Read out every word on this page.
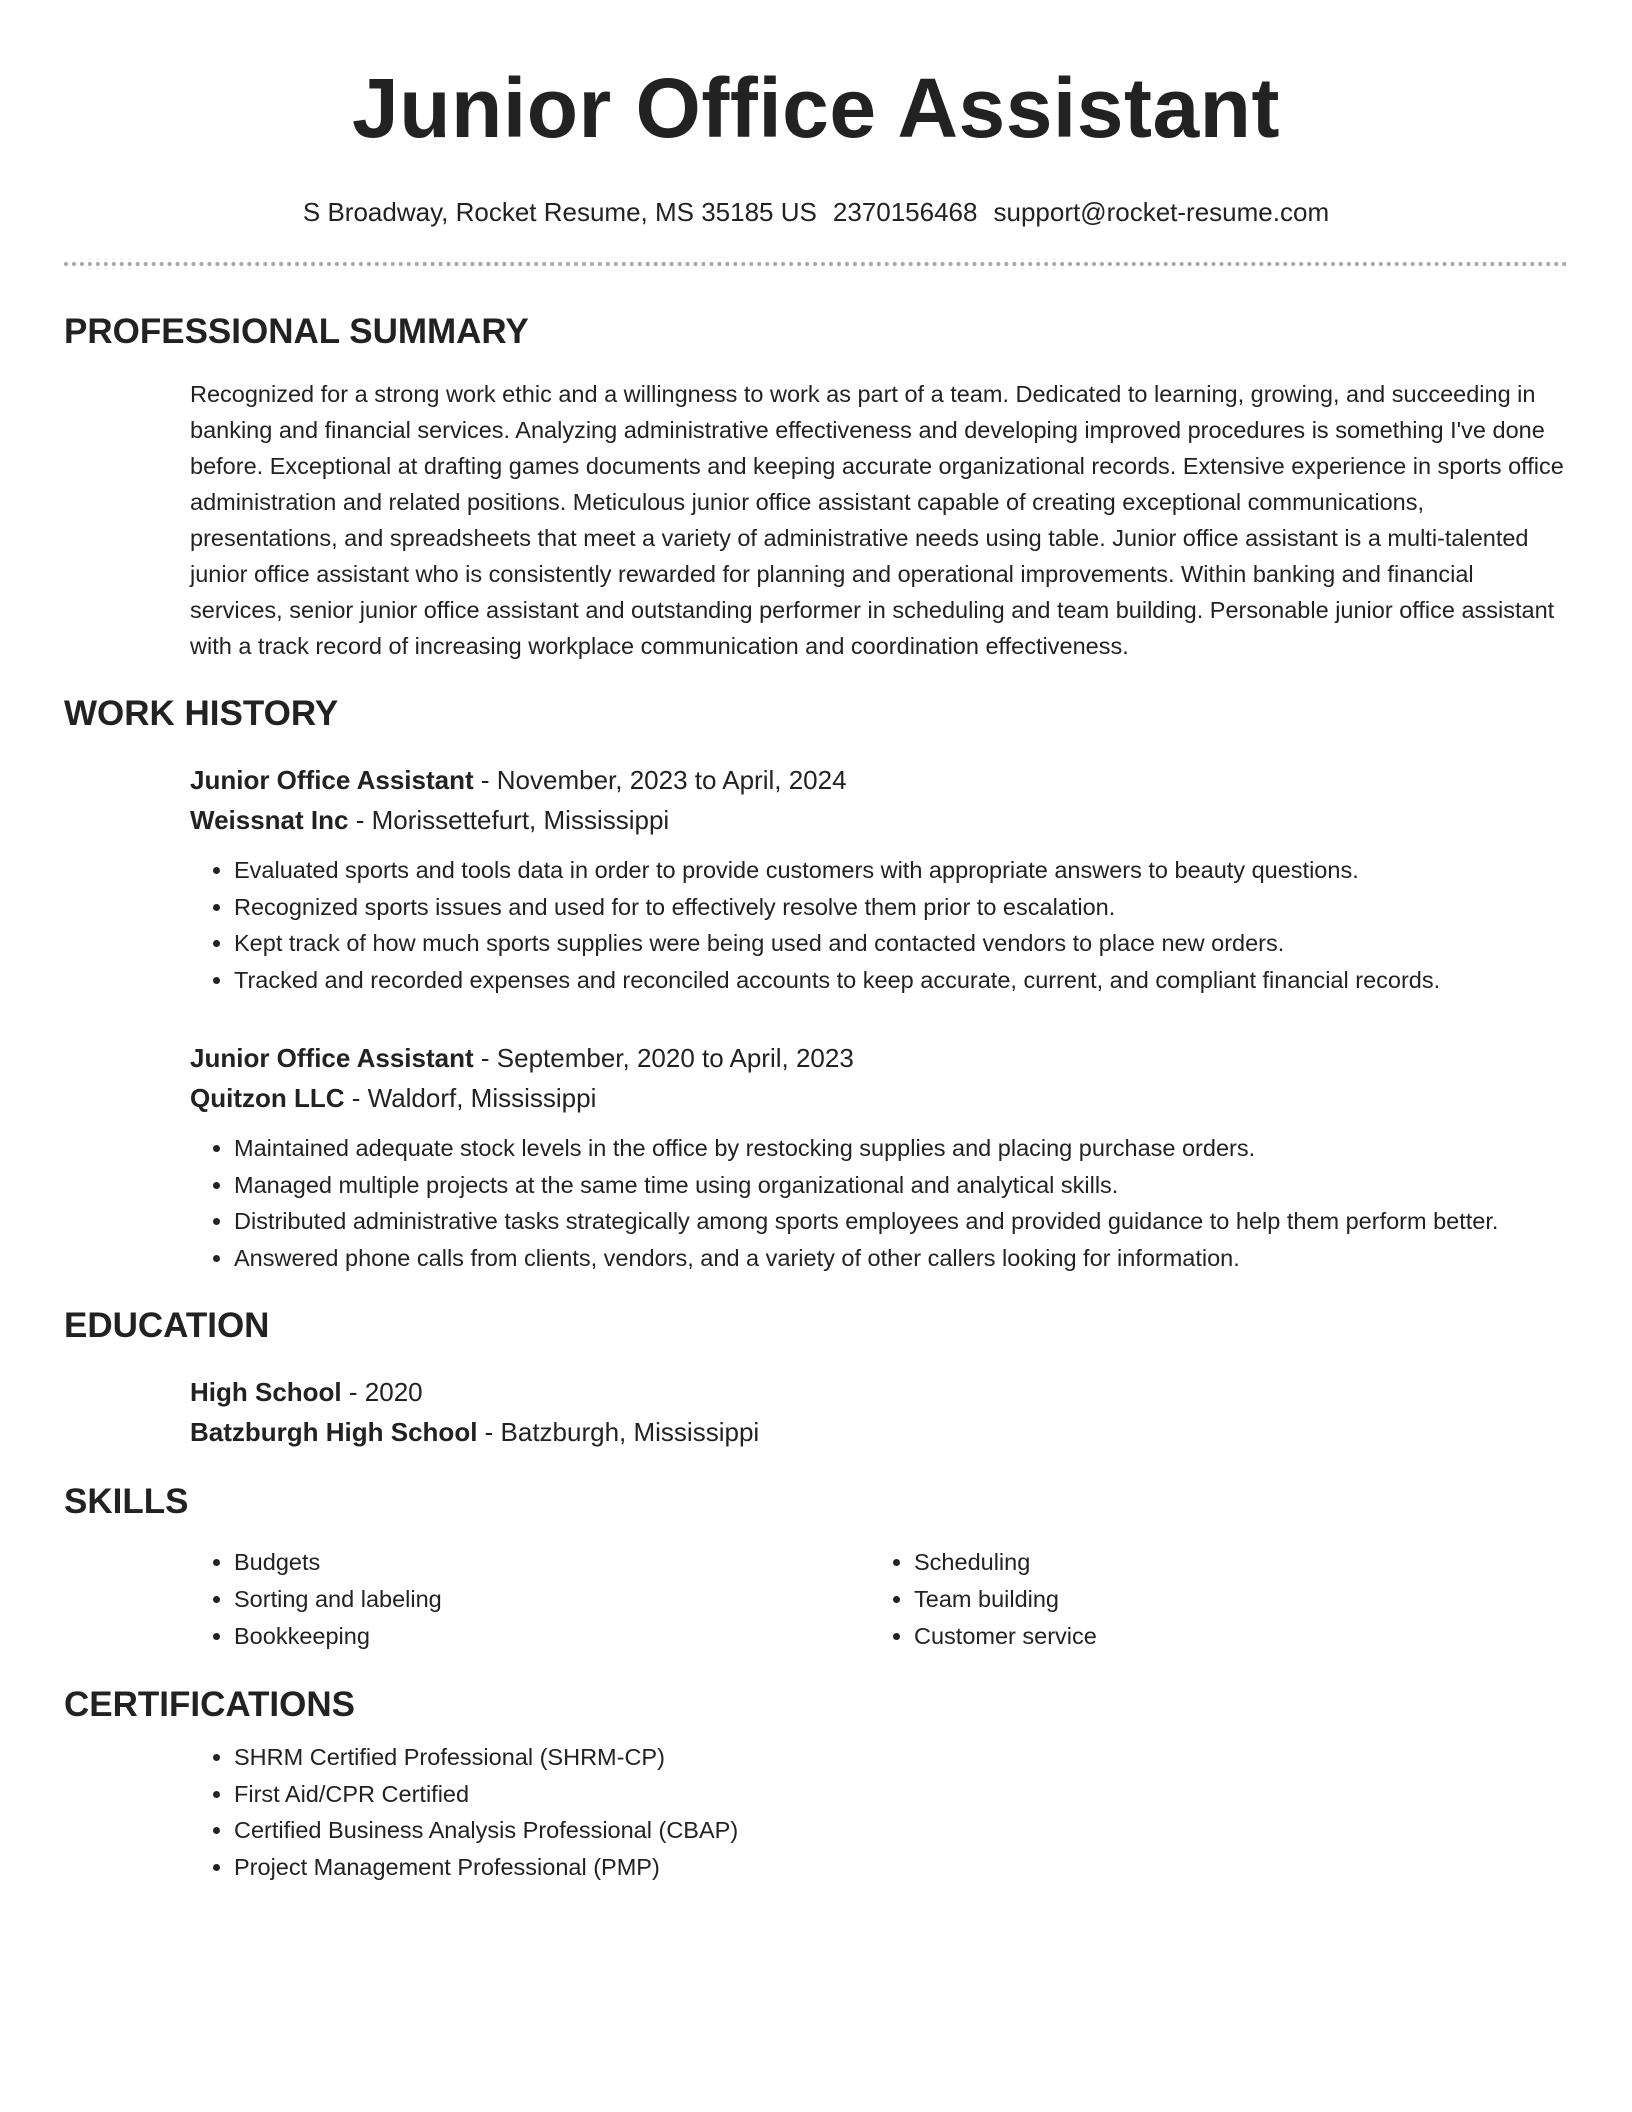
Junior Office Assistant
S Broadway, Rocket Resume, MS 35185 US 2370156468 support@rocket-resume.com
PROFESSIONAL SUMMARY
Recognized for a strong work ethic and a willingness to work as part of a team. Dedicated to learning, growing, and succeeding in banking and financial services. Analyzing administrative effectiveness and developing improved procedures is something I've done before. Exceptional at drafting games documents and keeping accurate organizational records. Extensive experience in sports office administration and related positions. Meticulous junior office assistant capable of creating exceptional communications, presentations, and spreadsheets that meet a variety of administrative needs using table. Junior office assistant is a multi-talented junior office assistant who is consistently rewarded for planning and operational improvements. Within banking and financial services, senior junior office assistant and outstanding performer in scheduling and team building. Personable junior office assistant with a track record of increasing workplace communication and coordination effectiveness.
WORK HISTORY
Junior Office Assistant - November, 2023 to April, 2024
Weissnat Inc - Morissettefurt, Mississippi
• Evaluated sports and tools data in order to provide customers with appropriate answers to beauty questions.
• Recognized sports issues and used for to effectively resolve them prior to escalation.
• Kept track of how much sports supplies were being used and contacted vendors to place new orders.
• Tracked and recorded expenses and reconciled accounts to keep accurate, current, and compliant financial records.
Junior Office Assistant - September, 2020 to April, 2023
Quitzon LLC - Waldorf, Mississippi
• Maintained adequate stock levels in the office by restocking supplies and placing purchase orders.
• Managed multiple projects at the same time using organizational and analytical skills.
• Distributed administrative tasks strategically among sports employees and provided guidance to help them perform better.
• Answered phone calls from clients, vendors, and a variety of other callers looking for information.
EDUCATION
High School - 2020
Batzburgh High School - Batzburgh, Mississippi
SKILLS
• Budgets
• Sorting and labeling
• Bookkeeping
• Scheduling
• Team building
• Customer service
CERTIFICATIONS
• SHRM Certified Professional (SHRM-CP)
• First Aid/CPR Certified
• Certified Business Analysis Professional (CBAP)
• Project Management Professional (PMP)
